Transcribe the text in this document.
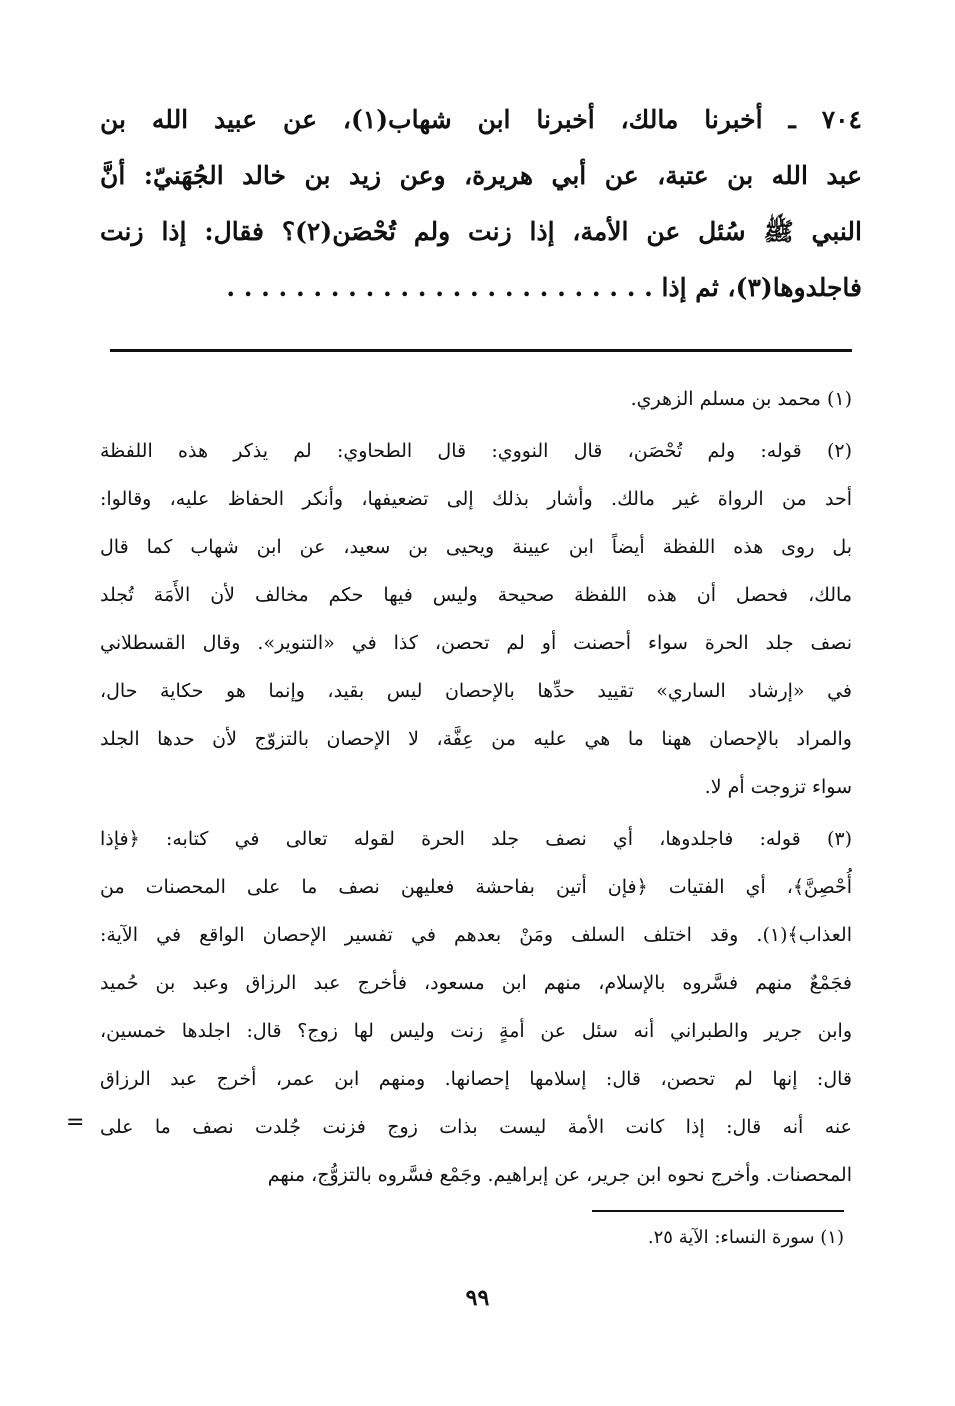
٧٠٤ ـ أخبرنا مالك، أخبرنا ابن شهاب(١)، عن عبيد الله بن
عبد الله بن عتبة، عن أبي هريرة، وعن زيد بن خالد الجُهَنيّ: أنَّ
النبي ﷺ سُئل عن الأمة، إذا زنت ولم تُحْصَن(٢)؟ فقال: إذا زنت
فاجلدوها(٣)، ثم إذا . . . . . . . . . . . . . . . . . . . . . . . . .
(١) محمد بن مسلم الزهري.
(٢) قوله: ولم تُحْصَن، قال النووي: قال الطحاوي: لم يذكر هذه اللفظة
أحد من الرواة غير مالك. وأشار بذلك إلى تضعيفها، وأنكر الحفاظ عليه، وقالوا:
بل روى هذه اللفظة أيضاً ابن عيينة ويحيى بن سعيد، عن ابن شهاب كما قال
مالك، فحصل أن هذه اللفظة صحيحة وليس فيها حكم مخالف لأن الأَمَة تُجلد
نصف جلد الحرة سواء أحصنت أو لم تحصن، كذا في «التنوير». وقال القسطلاني
في «إرشاد الساري» تقييد حدِّها بالإحصان ليس بقيد، وإنما هو حكاية حال،
والمراد بالإحصان ههنا ما هي عليه من عِفَّة، لا الإحصان بالتزوّج لأن حدها الجلد
سواء تزوجت أم لا.
(٣) قوله: فاجلدوها، أي نصف جلد الحرة لقوله تعالى في كتابه: ﴿فإذا
أُحْصِنَّ﴾، أي الفتيات ﴿فإن أتين بفاحشة فعليهن نصف ما على المحصنات من
العذاب﴾(١). وقد اختلف السلف ومَنْ بعدهم في تفسير الإحصان الواقع في الآية:
فجَمْعٌ منهم فسَّروه بالإسلام، منهم ابن مسعود، فأخرج عبد الرزاق وعبد بن حُميد
وابن جرير والطبراني أنه سئل عن أمةٍ زنت وليس لها زوج؟ قال: اجلدها خمسين،
قال: إنها لم تحصن، قال: إسلامها إحصانها. ومنهم ابن عمر، أخرج عبد الرزاق
عنه أنه قال: إذا كانت الأمة ليست بذات زوج فزنت جُلدت نصف ما على
المحصنات. وأخرج نحوه ابن جرير، عن إبراهيم. وجَمْع فسَّروه بالتزوُّج، منهم
=
(١) سورة النساء: الآية ٢٥.
٩٩
